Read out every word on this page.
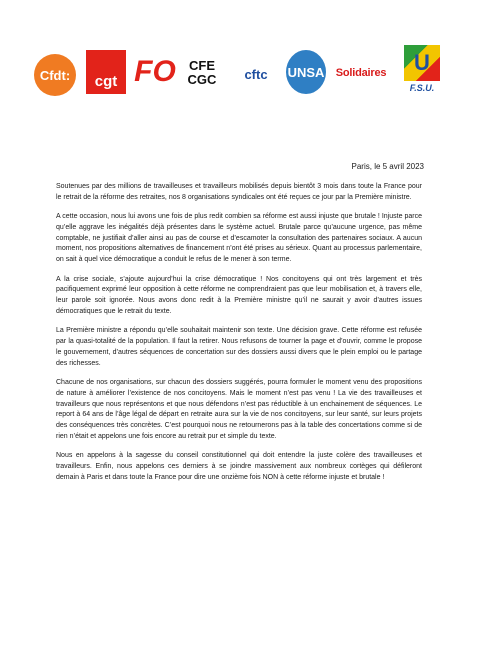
Cfdt: cgt FO CFE
CGC cftc UNSA Solidaires U
F.S.U.
Paris, le 5 avril 2023

Soutenues par des millions de travailleuses et travailleurs mobilisés depuis bientôt 3 mois dans toute la France pour le retrait de la réforme des retraites, nos 8 organisations syndicales ont été reçues ce jour par la Première ministre.

A cette occasion, nous lui avons une fois de plus redit combien sa réforme est aussi injuste que brutale ! Injuste parce qu’elle aggrave les inégalités déjà présentes dans le système actuel. Brutale parce qu’aucune urgence, pas même comptable, ne justifiait d’aller ainsi au pas de course et d’escamoter la consultation des partenaires sociaux. A aucun moment, nos propositions alternatives de financement n’ont été prises au sérieux. Quant au processus parlementaire, on sait à quel vice démocratique a conduit le refus de le mener à son terme.

A la crise sociale, s’ajoute aujourd’hui la crise démocratique ! Nos concitoyens qui ont très largement et très pacifiquement exprimé leur opposition à cette réforme ne comprendraient pas que leur mobilisation et, à travers elle, leur parole soit ignorée. Nous avons donc redit à la Première ministre qu’il ne saurait y avoir d’autres issues démocratiques que le retrait du texte.

La Première ministre a répondu qu’elle souhaitait maintenir son texte. Une décision grave. Cette réforme est refusée par la quasi-totalité de la population. Il faut la retirer. Nous refusons de tourner la page et d’ouvrir, comme le propose le gouvernement, d’autres séquences de concertation sur des dossiers aussi divers que le plein emploi ou le partage des richesses.

Chacune de nos organisations, sur chacun des dossiers suggérés, pourra formuler le moment venu des propositions de nature à améliorer l’existence de nos concitoyens. Mais le moment n’est pas venu ! La vie des travailleuses et travailleurs que nous représentons et que nous défendons n’est pas réductible à un enchainement de séquences. Le report à 64 ans de l’âge légal de départ en retraite aura sur la vie de nos concitoyens, sur leur santé, sur leurs projets des conséquences très concrètes. C’est pourquoi nous ne retournerons pas à la table des concertations comme si de rien n’était et appelons une fois encore au retrait pur et simple du texte.

Nous en appelons à la sagesse du conseil constitutionnel qui doit entendre la juste colère des travailleuses et travailleurs. Enfin, nous appelons ces derniers à se joindre massivement aux nombreux cortèges qui défileront demain à Paris et dans toute la France pour dire une onzième fois NON à cette réforme injuste et brutale !
